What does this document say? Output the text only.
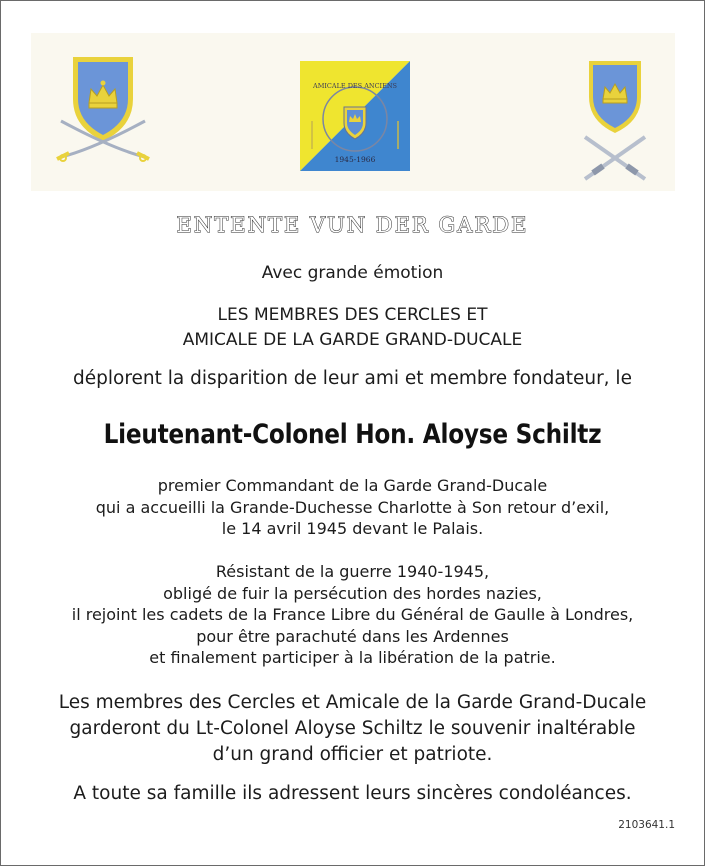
AMICALE DES ANCIENS
1945-1966
ENTENTE VUN DER GARDE
Avec grande émotion
LES MEMBRES DES CERCLES ET
AMICALE DE LA GARDE GRAND-DUCALE
déplorent la disparition de leur ami et membre fondateur, le
Lieutenant-Colonel Hon. Aloyse Schiltz
premier Commandant de la Garde Grand-Ducale
qui a accueilli la Grande-Duchesse Charlotte à Son retour d’exil,
le 14 avril 1945 devant le Palais.
Résistant de la guerre 1940-1945,
obligé de fuir la persécution des hordes nazies,
il rejoint les cadets de la France Libre du Général de Gaulle à Londres,
pour être parachuté dans les Ardennes
et finalement participer à la libération de la patrie.
Les membres des Cercles et Amicale de la Garde Grand-Ducale
garderont du Lt-Colonel Aloyse Schiltz le souvenir inaltérable
d’un grand officier et patriote.
A toute sa famille ils adressent leurs sincères condoléances.
2103641.1
